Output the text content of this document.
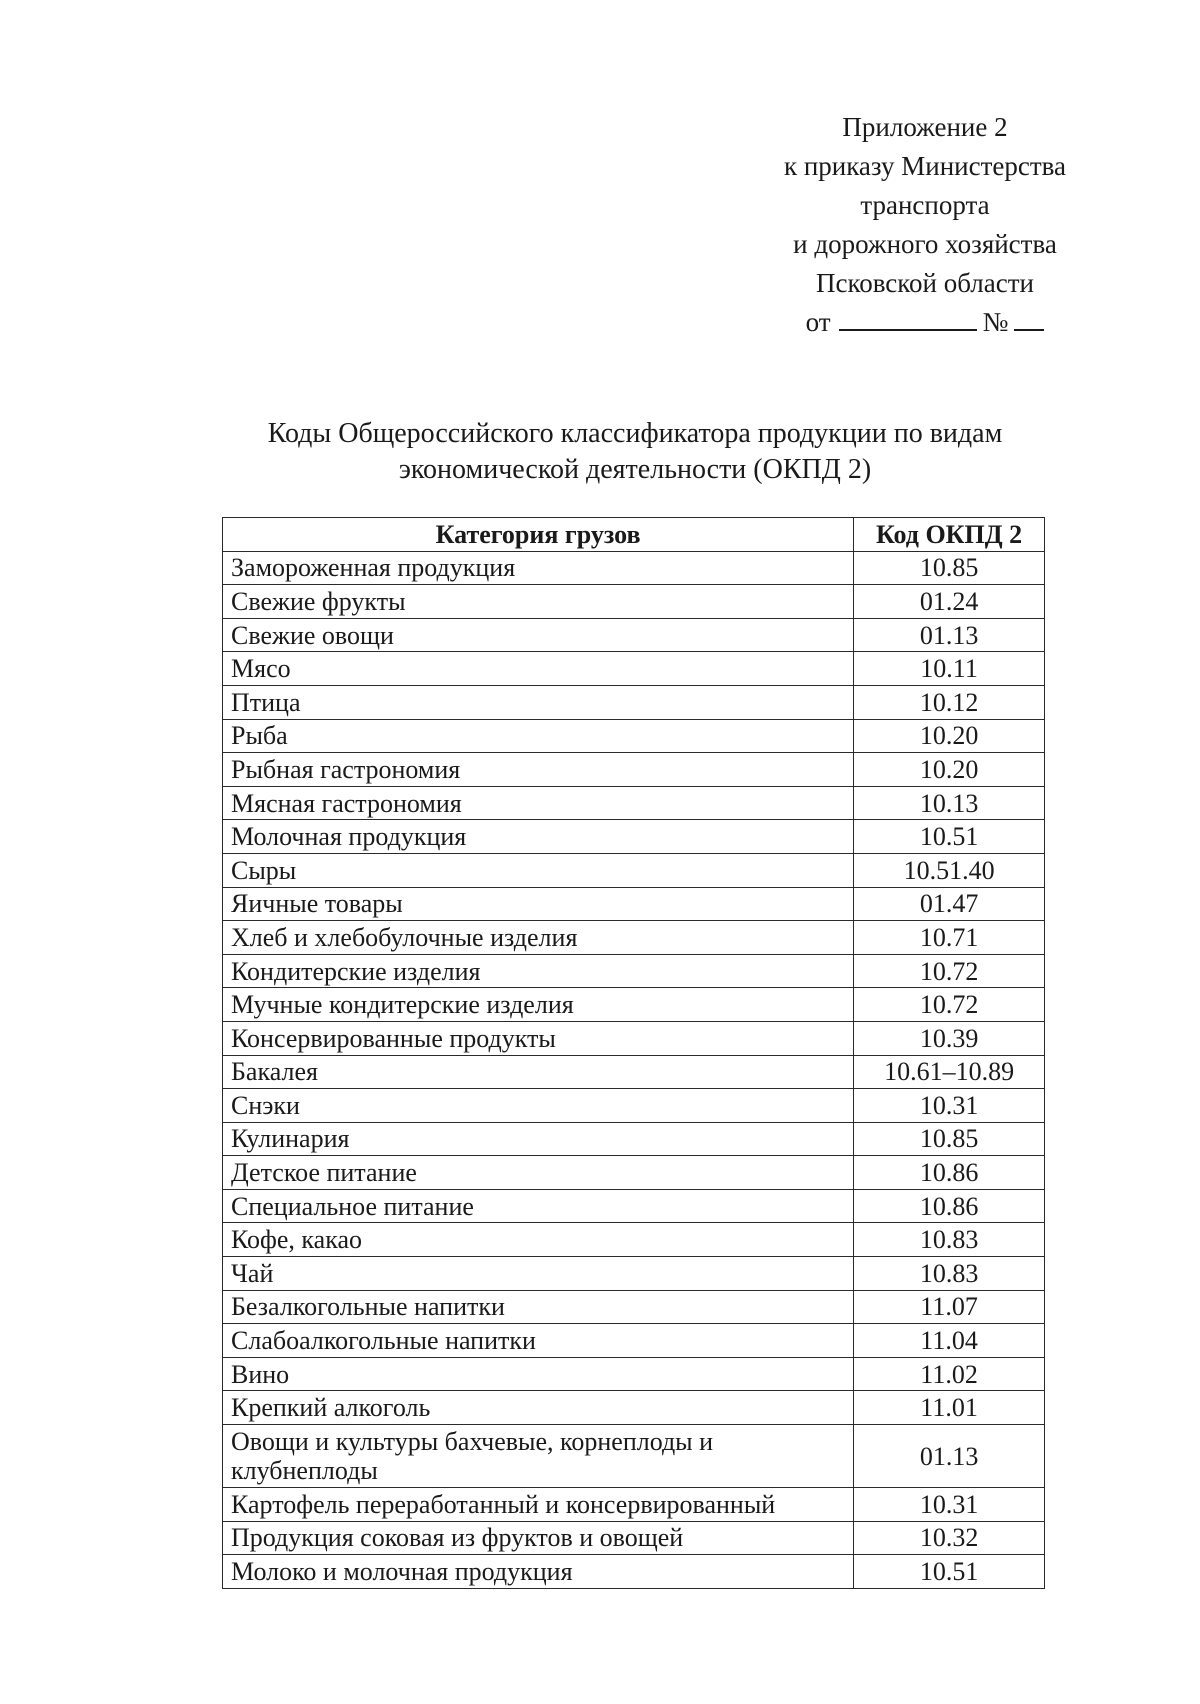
Приложение 2
к приказу Министерства
транспорта
и дорожного хозяйства
Псковской области
от	№
Коды Общероссийского классификатора продукции по видам
экономической деятельности (ОКПД 2)
Категория грузов	Код ОКПД 2
Замороженная продукция	10.85
Свежие фрукты	01.24
Свежие овощи	01.13
Мясо	10.11
Птица	10.12
Рыба	10.20
Рыбная гастрономия	10.20
Мясная гастрономия	10.13
Молочная продукция	10.51
Сыры	10.51.40
Яичные товары	01.47
Хлеб и хлебобулочные изделия	10.71
Кондитерские изделия	10.72
Мучные кондитерские изделия	10.72
Консервированные продукты	10.39
Бакалея	10.61–10.89
Снэки	10.31
Кулинария	10.85
Детское питание	10.86
Специальное питание	10.86
Кофе, какао	10.83
Чай	10.83
Безалкогольные напитки	11.07
Слабоалкогольные напитки	11.04
Вино	11.02
Крепкий алкоголь	11.01
Овощи и культуры бахчевые, корнеплоды и клубнеплоды	01.13
Картофель переработанный и консервированный	10.31
Продукция соковая из фруктов и овощей	10.32
Молоко и молочная продукция	10.51
